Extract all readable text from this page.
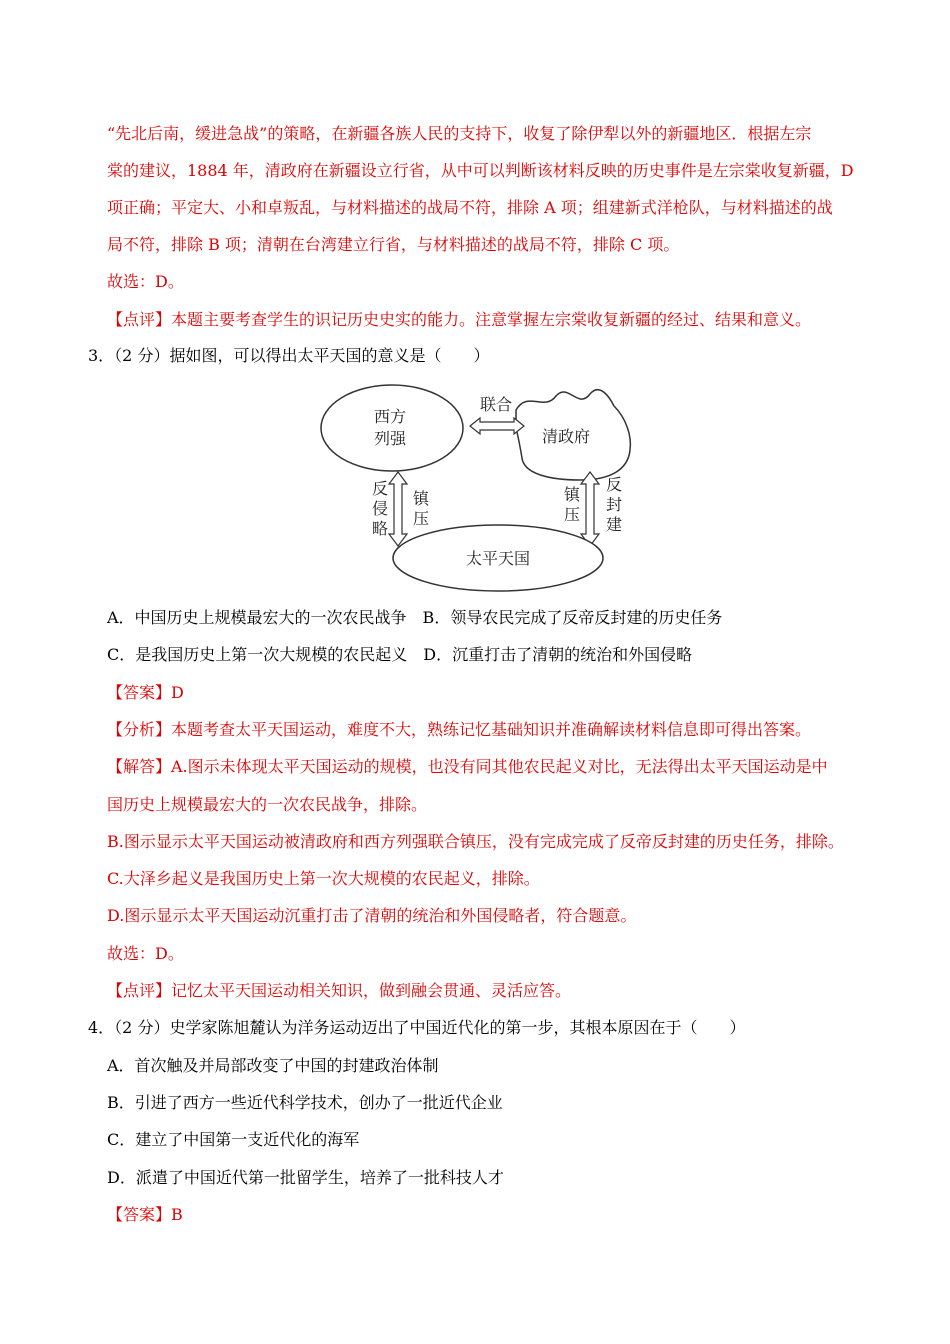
“先北后南，缓进急战”的策略，在新疆各族人民的支持下，收复了除伊犁以外的新疆地区．根据左宗
棠的建议，1884 年，清政府在新疆设立行省，从中可以判断该材料反映的历史事件是左宗棠收复新疆，D
项正确；平定大、小和卓叛乱，与材料描述的战局不符，排除 A 项；组建新式洋枪队，与材料描述的战
局不符，排除 B 项；清朝在台湾建立行省，与材料描述的战局不符，排除 C 项。
故选：D。
【点评】本题主要考查学生的识记历史史实的能力。注意掌握左宗棠收复新疆的经过、结果和意义。
3．（2 分）据如图，可以得出太平天国的意义是（　　）
西方
列强	清政府
联合
反
侵
略
镇
压
镇
压
反
封
建
太平天国
A．中国历史上规模最宏大的一次农民战争　B．领导农民完成了反帝反封建的历史任务
C．是我国历史上第一次大规模的农民起义　D．沉重打击了清朝的统治和外国侵略
【答案】D
【分析】本题考查太平天国运动，难度不大，熟练记忆基础知识并准确解读材料信息即可得出答案。
【解答】A.图示未体现太平天国运动的规模，也没有同其他农民起义对比，无法得出太平天国运动是中
国历史上规模最宏大的一次农民战争，排除。
B.图示显示太平天国运动被清政府和西方列强联合镇压，没有完成完成了反帝反封建的历史任务，排除。
C.大泽乡起义是我国历史上第一次大规模的农民起义，排除。
D.图示显示太平天国运动沉重打击了清朝的统治和外国侵略者，符合题意。
故选：D。
【点评】记忆太平天国运动相关知识，做到融会贯通、灵活应答。
4．（2 分）史学家陈旭麓认为洋务运动迈出了中国近代化的第一步，其根本原因在于（　　）
A．首次触及并局部改变了中国的封建政治体制
B．引进了西方一些近代科学技术，创办了一批近代企业
C．建立了中国第一支近代化的海军
D．派遣了中国近代第一批留学生，培养了一批科技人才
【答案】B
